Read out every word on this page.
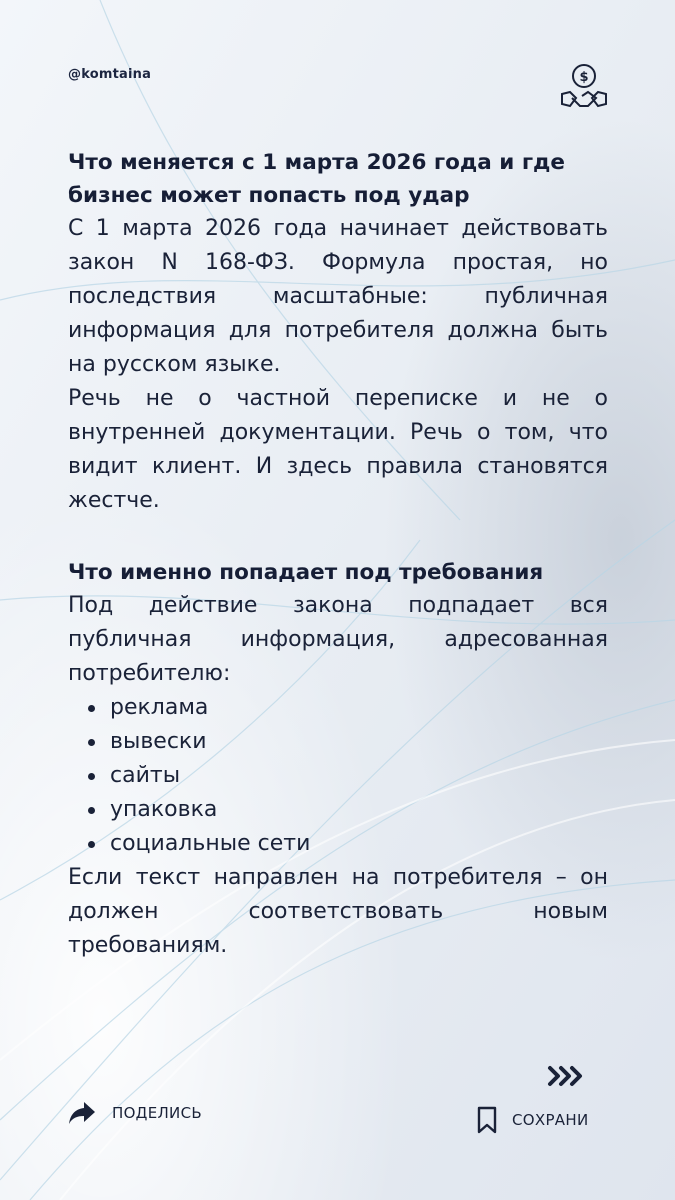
@komtaina	$
Что меняется с 1 марта 2026 года и где бизнес может попасть под удар

С 1 марта 2026 года начинает действовать закон N 168-ФЗ. Формула простая, но последствия масштабные: публичная информация для потребителя должна быть на русском языке.

Речь не о частной переписке и не о внутренней документации. Речь о том, что видит клиент. И здесь правила становятся жестче.

Что именно попадает под требования

Под действие закона подпадает вся публичная информация, адресованная потребителю:

реклама
вывески
сайты
упаковка
социальные сети

Если текст направлен на потребителя – он должен соответствовать новым требованиям.

ПОДЕЛИСЬ	СОХРАНИ
